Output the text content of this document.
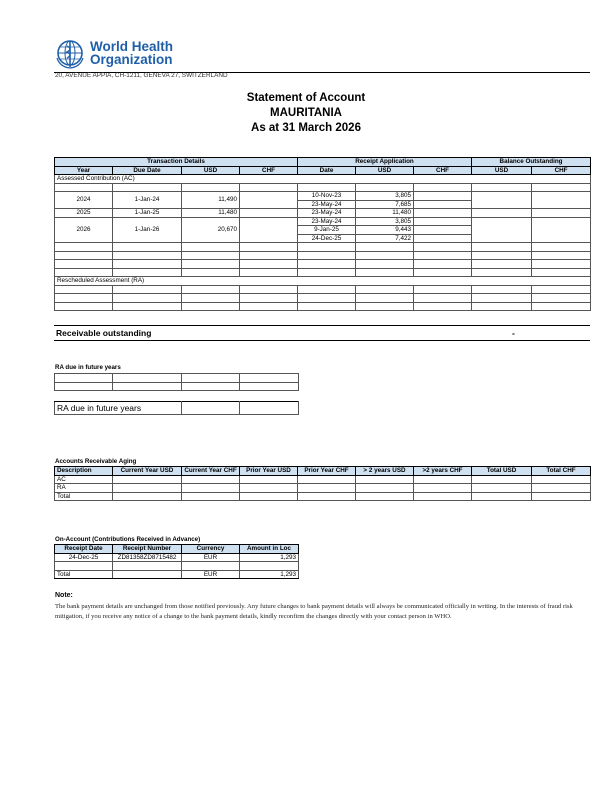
World Health
Organization
20, AVENUE APPIA, CH-1211, GENEVA 27, SWITZERLAND
Statement of Account
MAURITANIA
As at 31 March 2026
Transaction Details				Receipt Application			Balance Outstanding	
Year	Due Date	USD	CHF	Date	USD	CHF	USD	CHF
Assessed Contribution (AC)								

2024	1-Jan-24	11,490		10-Nov-23	3,805			
				23-May-24	7,685			
2025	1-Jan-25	11,480		23-May-24	11,480			
2026	1-Jan-26	20,670		23-May-24	3,805			
				9-Jan-25	9,443			
				24-Dec-25	7,422			

Rescheduled Assessment (RA)								

Receivable outstanding	-
RA due in future years

RA due in future years		
Accounts Receivable Aging
Description	Current Year USD	Current Year CHF	Prior Year USD	Prior Year CHF	> 2 years USD	>2 years CHF	Total USD	Total CHF
AC								
RA								
Total								
On-Account (Contributions Received in Advance)
Receipt Date	Receipt Number	Currency	Amount in Loc
24-Dec-25	ZD81358ZD8715482	EUR	1,293

Total		EUR	1,293
Note:
The bank payment details are unchanged from those notified previously. Any future changes to bank payment details will always be communicated officially in writing. In the interests of fraud risk mitigation, if you receive any notice of a change to the bank payment details, kindly reconfirm the changes directly with your contact person in WHO.
